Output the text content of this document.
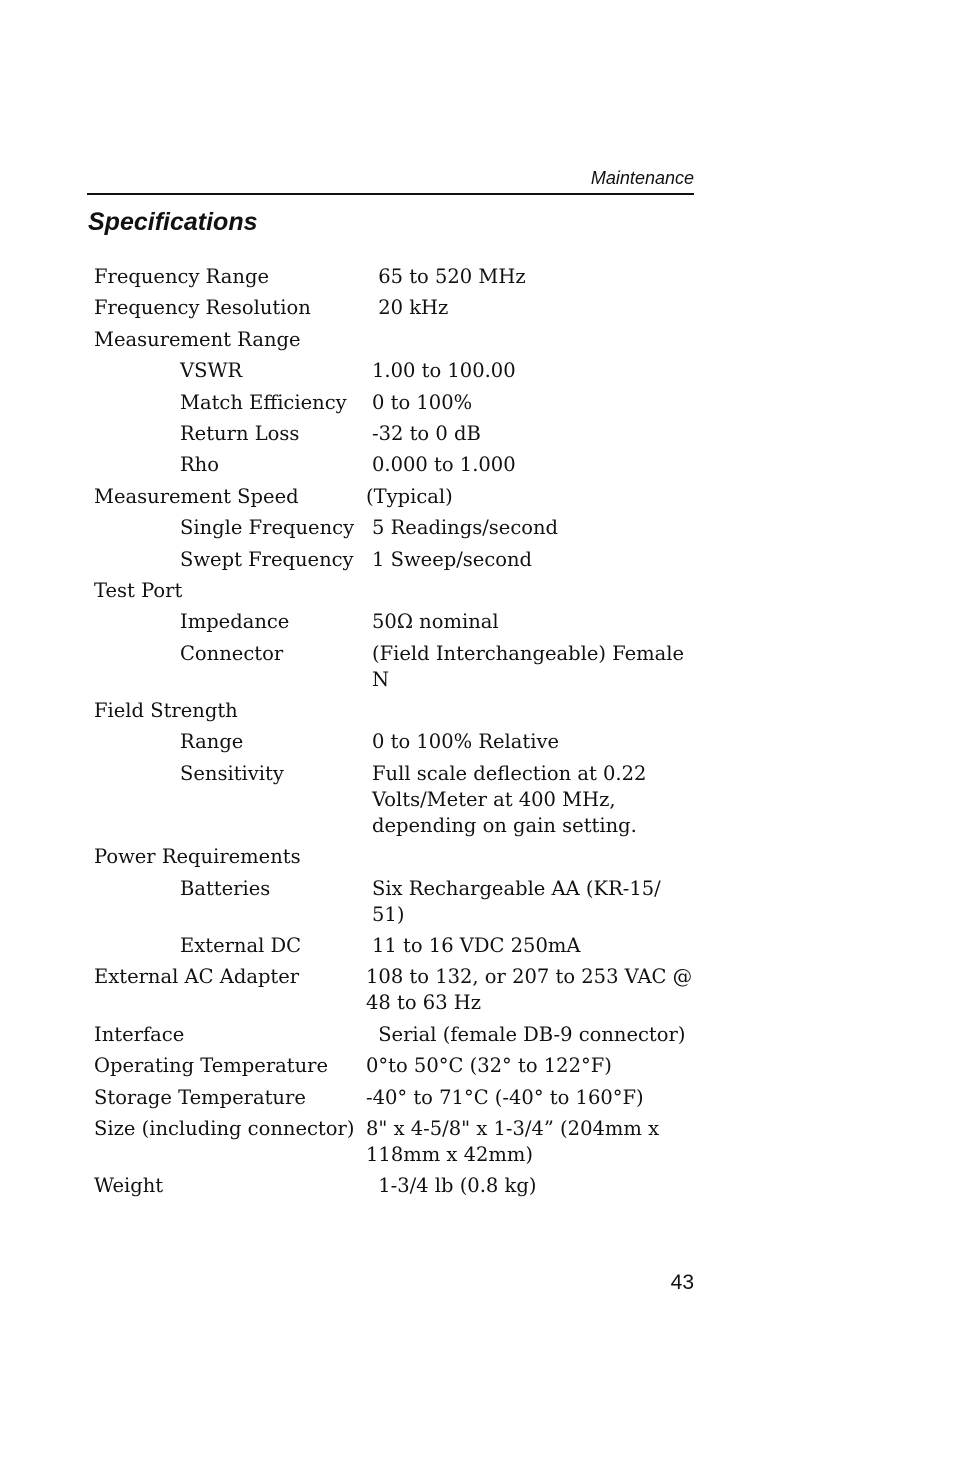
Maintenance
Specifications
Frequency Range	65 to 520 MHz
Frequency Resolution	20 kHz
Measurement Range
VSWR	1.00 to 100.00
Match Efficiency	0 to 100%
Return Loss	-32 to 0 dB
Rho	0.000 to 1.000
Measurement Speed	(Typical)
Single Frequency 5 Readings/second
Swept Frequency 1 Sweep/second
Test Port
Impedance	50Ω nominal
Connector	(Field Interchangeable) Female N
Field Strength
Range	0 to 100% Relative
Sensitivity	Full scale deflection at 0.22 Volts/Meter at 400 MHz, depending on gain setting.
Power Requirements
Batteries	Six Rechargeable AA (KR-15/ 51)
External DC	11 to 16 VDC 250mA
External AC Adapter	108 to 132, or 207 to 253 VAC @ 48 to 63 Hz
Interface	Serial (female DB-9 connector)
Operating Temperature	0°to 50°C (32° to 122°F)
Storage Temperature	-40° to 71°C (-40° to 160°F)
Size (including connector) 8" x 4-5/8" x 1-3/4” (204mm x 118mm x 42mm)
Weight	1-3/4 lb (0.8 kg)
43
